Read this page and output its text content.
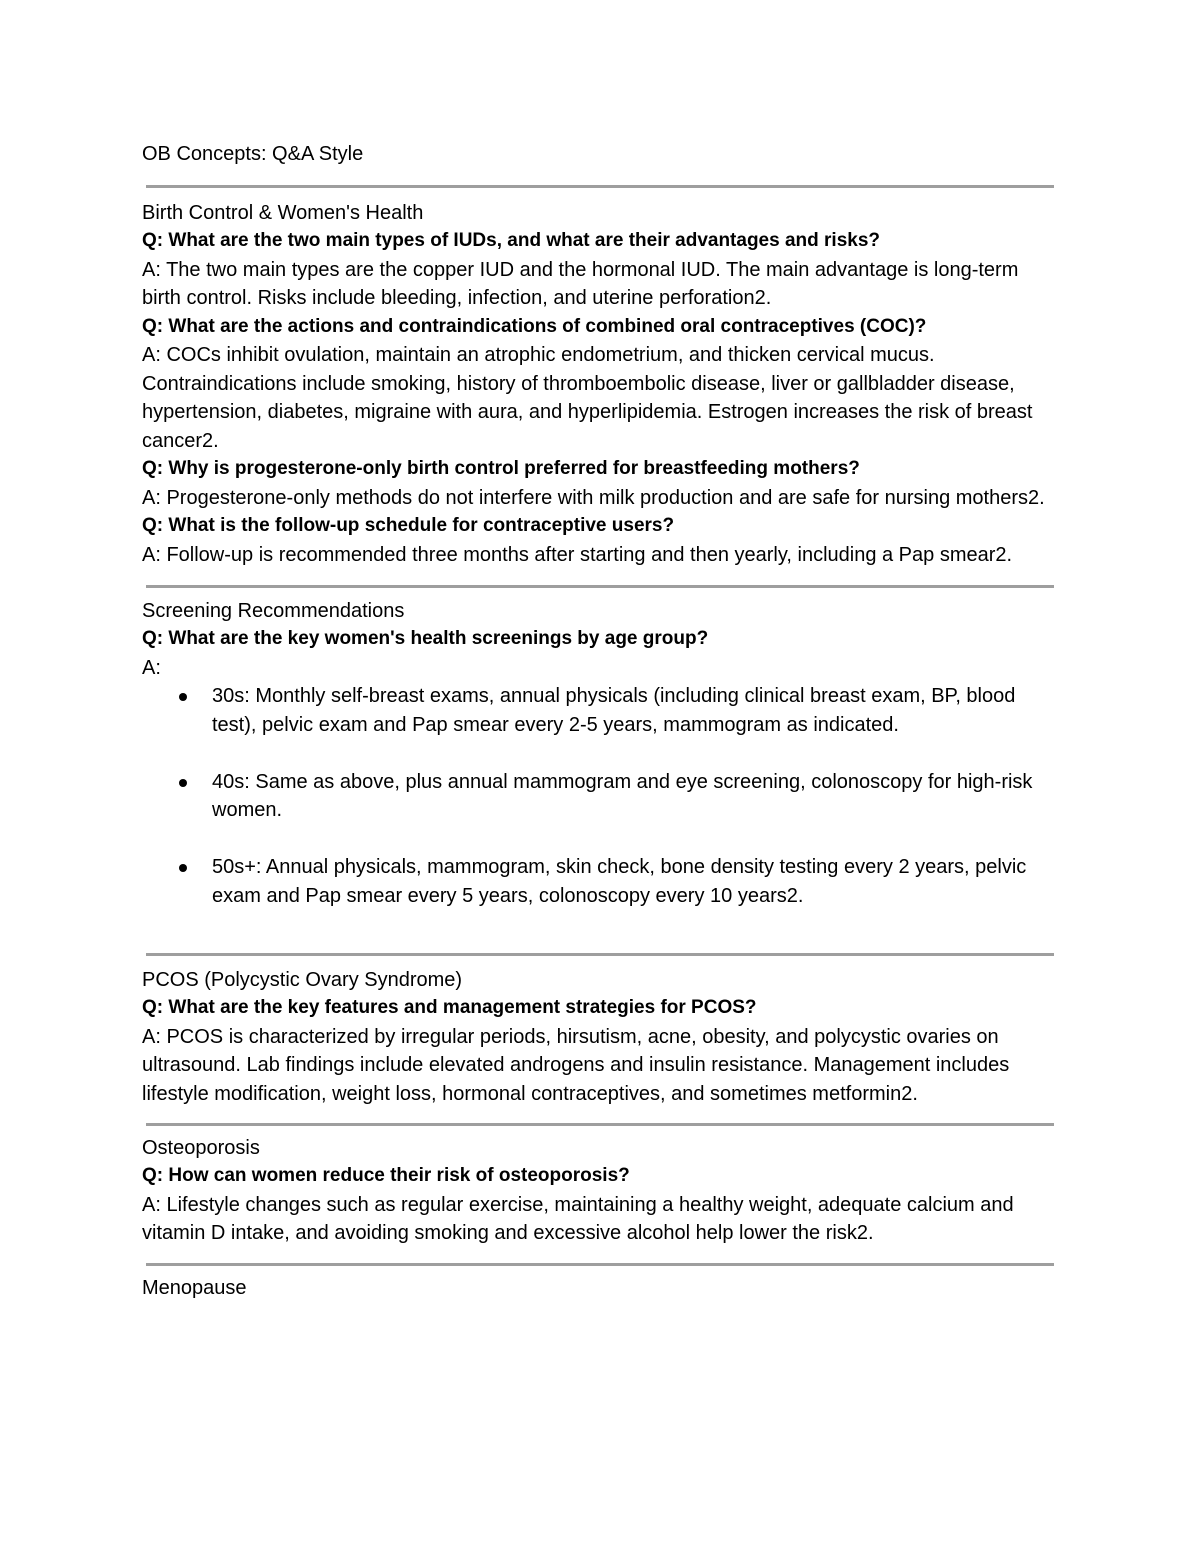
OB Concepts: Q&A Style

Birth Control & Women's Health

Q: What are the two main types of IUDs, and what are their advantages and risks?

A: The two main types are the copper IUD and the hormonal IUD. The main advantage is long-term birth control. Risks include bleeding, infection, and uterine perforation2.

Q: What are the actions and contraindications of combined oral contraceptives (COC)?

A: COCs inhibit ovulation, maintain an atrophic endometrium, and thicken cervical mucus. Contraindications include smoking, history of thromboembolic disease, liver or gallbladder disease, hypertension, diabetes, migraine with aura, and hyperlipidemia. Estrogen increases the risk of breast cancer2.

Q: Why is progesterone-only birth control preferred for breastfeeding mothers?

A: Progesterone-only methods do not interfere with milk production and are safe for nursing mothers2.

Q: What is the follow-up schedule for contraceptive users?

A: Follow-up is recommended three months after starting and then yearly, including a Pap smear2.

Screening Recommendations

Q: What are the key women's health screenings by age group?

A:

30s: Monthly self-breast exams, annual physicals (including clinical breast exam, BP, blood test), pelvic exam and Pap smear every 2-5 years, mammogram as indicated.
40s: Same as above, plus annual mammogram and eye screening, colonoscopy for high-risk women.
50s+: Annual physicals, mammogram, skin check, bone density testing every 2 years, pelvic exam and Pap smear every 5 years, colonoscopy every 10 years2.

PCOS (Polycystic Ovary Syndrome)

Q: What are the key features and management strategies for PCOS?

A: PCOS is characterized by irregular periods, hirsutism, acne, obesity, and polycystic ovaries on ultrasound. Lab findings include elevated androgens and insulin resistance. Management includes lifestyle modification, weight loss, hormonal contraceptives, and sometimes metformin2.

Osteoporosis

Q: How can women reduce their risk of osteoporosis?

A: Lifestyle changes such as regular exercise, maintaining a healthy weight, adequate calcium and vitamin D intake, and avoiding smoking and excessive alcohol help lower the risk2.

Menopause
